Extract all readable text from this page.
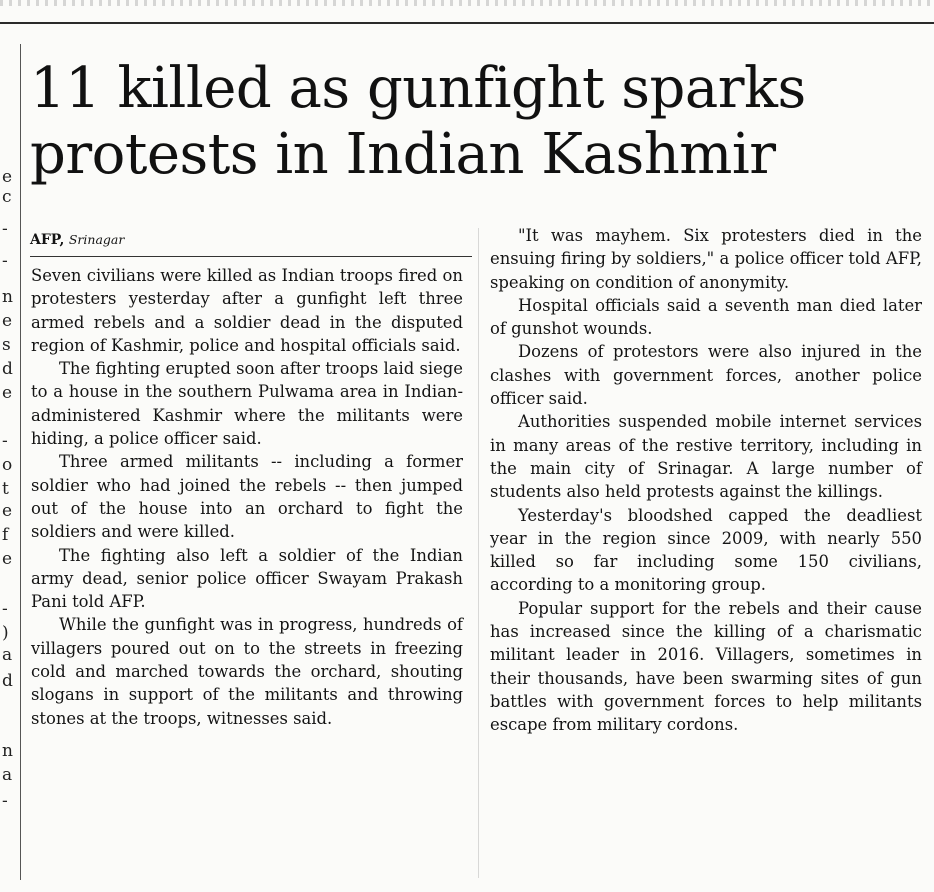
e
c
-
-
n
e
s
d
e
-
o
t
e
f
e
-
)
a
d
n
a
-
11 killed as gunfight sparks protests in Indian Kashmir
AFP, Srinagar

Seven civilians were killed as Indian troops fired on protesters yesterday after a gunfight left three armed rebels and a soldier dead in the disputed region of Kashmir, police and hospital officials said.

The fighting erupted soon after troops laid siege to a house in the southern Pulwama area in Indian-administered Kashmir where the militants were hiding, a police officer said.

Three armed militants -- including a former soldier who had joined the rebels -- then jumped out of the house into an orchard to fight the soldiers and were killed.

The fighting also left a soldier of the Indian army dead, senior police officer Swayam Prakash Pani told AFP.

While the gunfight was in progress, hundreds of villagers poured out on to the streets in freezing cold and marched towards the orchard, shouting slogans in support of the militants and throwing stones at the troops, witnesses said.

"It was mayhem. Six protesters died in the ensuing firing by soldiers," a police officer told AFP, speaking on condition of anonymity.

Hospital officials said a seventh man died later of gunshot wounds.

Dozens of protestors were also injured in the clashes with government forces, another police officer said.

Authorities suspended mobile internet services in many areas of the restive territory, including in the main city of Srinagar. A large number of students also held protests against the killings.

Yesterday's bloodshed capped the deadliest year in the region since 2009, with nearly 550 killed so far including some 150 civilians, according to a monitoring group.

Popular support for the rebels and their cause has increased since the killing of a charismatic militant leader in 2016. Villagers, sometimes in their thousands, have been swarming sites of gun battles with government forces to help militants escape from military cordons.
